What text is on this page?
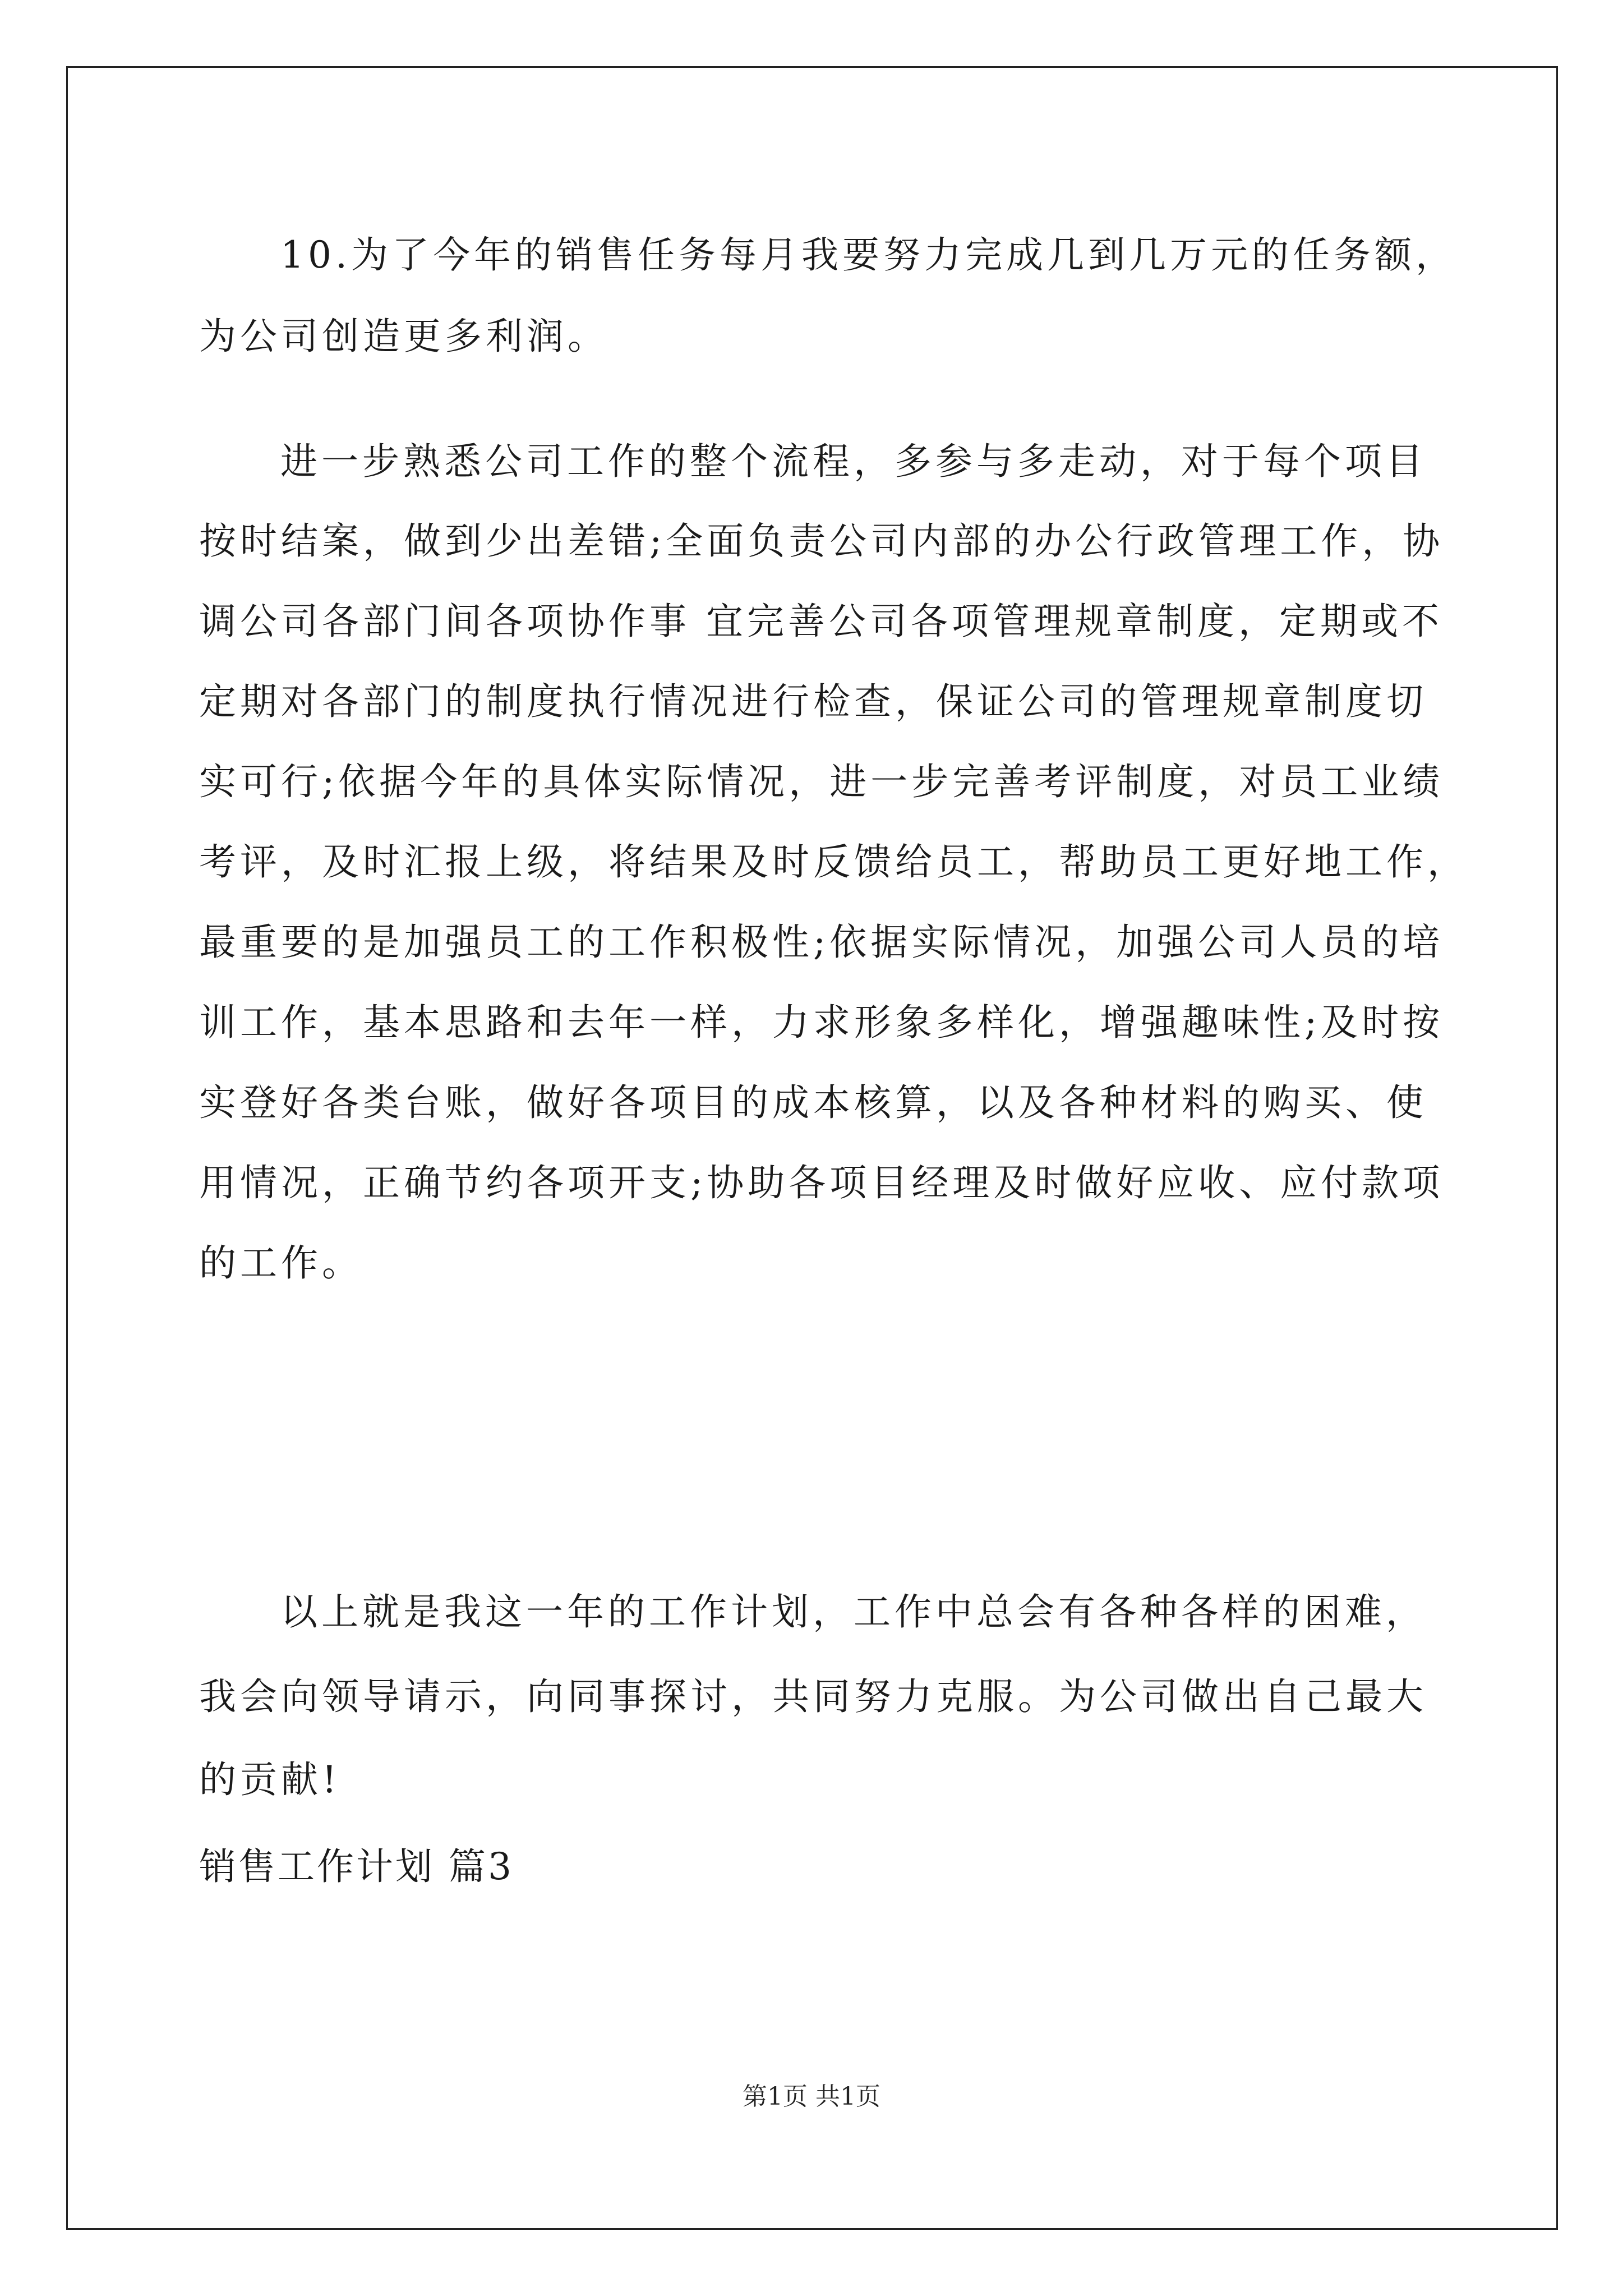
10.为了今年的销售任务每月我要努力完成几到几万元的任务额，
为公司创造更多利润。
进一步熟悉公司工作的整个流程，多参与多走动，对于每个项目
按时结案，做到少出差错;全面负责公司内部的办公行政管理工作，协
调公司各部门间各项协作事 宜完善公司各项管理规章制度，定期或不
定期对各部门的制度执行情况进行检查，保证公司的管理规章制度切
实可行;依据今年的具体实际情况，进一步完善考评制度，对员工业绩
考评，及时汇报上级，将结果及时反馈给员工，帮助员工更好地工作，
最重要的是加强员工的工作积极性;依据实际情况，加强公司人员的培
训工作，基本思路和去年一样，力求形象多样化，增强趣味性;及时按
实登好各类台账，做好各项目的成本核算，以及各种材料的购买、使
用情况，正确节约各项开支;协助各项目经理及时做好应收、应付款项
的工作。
以上就是我这一年的工作计划，工作中总会有各种各样的困难，
我会向领导请示，向同事探讨，共同努力克服。为公司做出自己最大
的贡献!
销售工作计划 篇3
第1页 共1页
